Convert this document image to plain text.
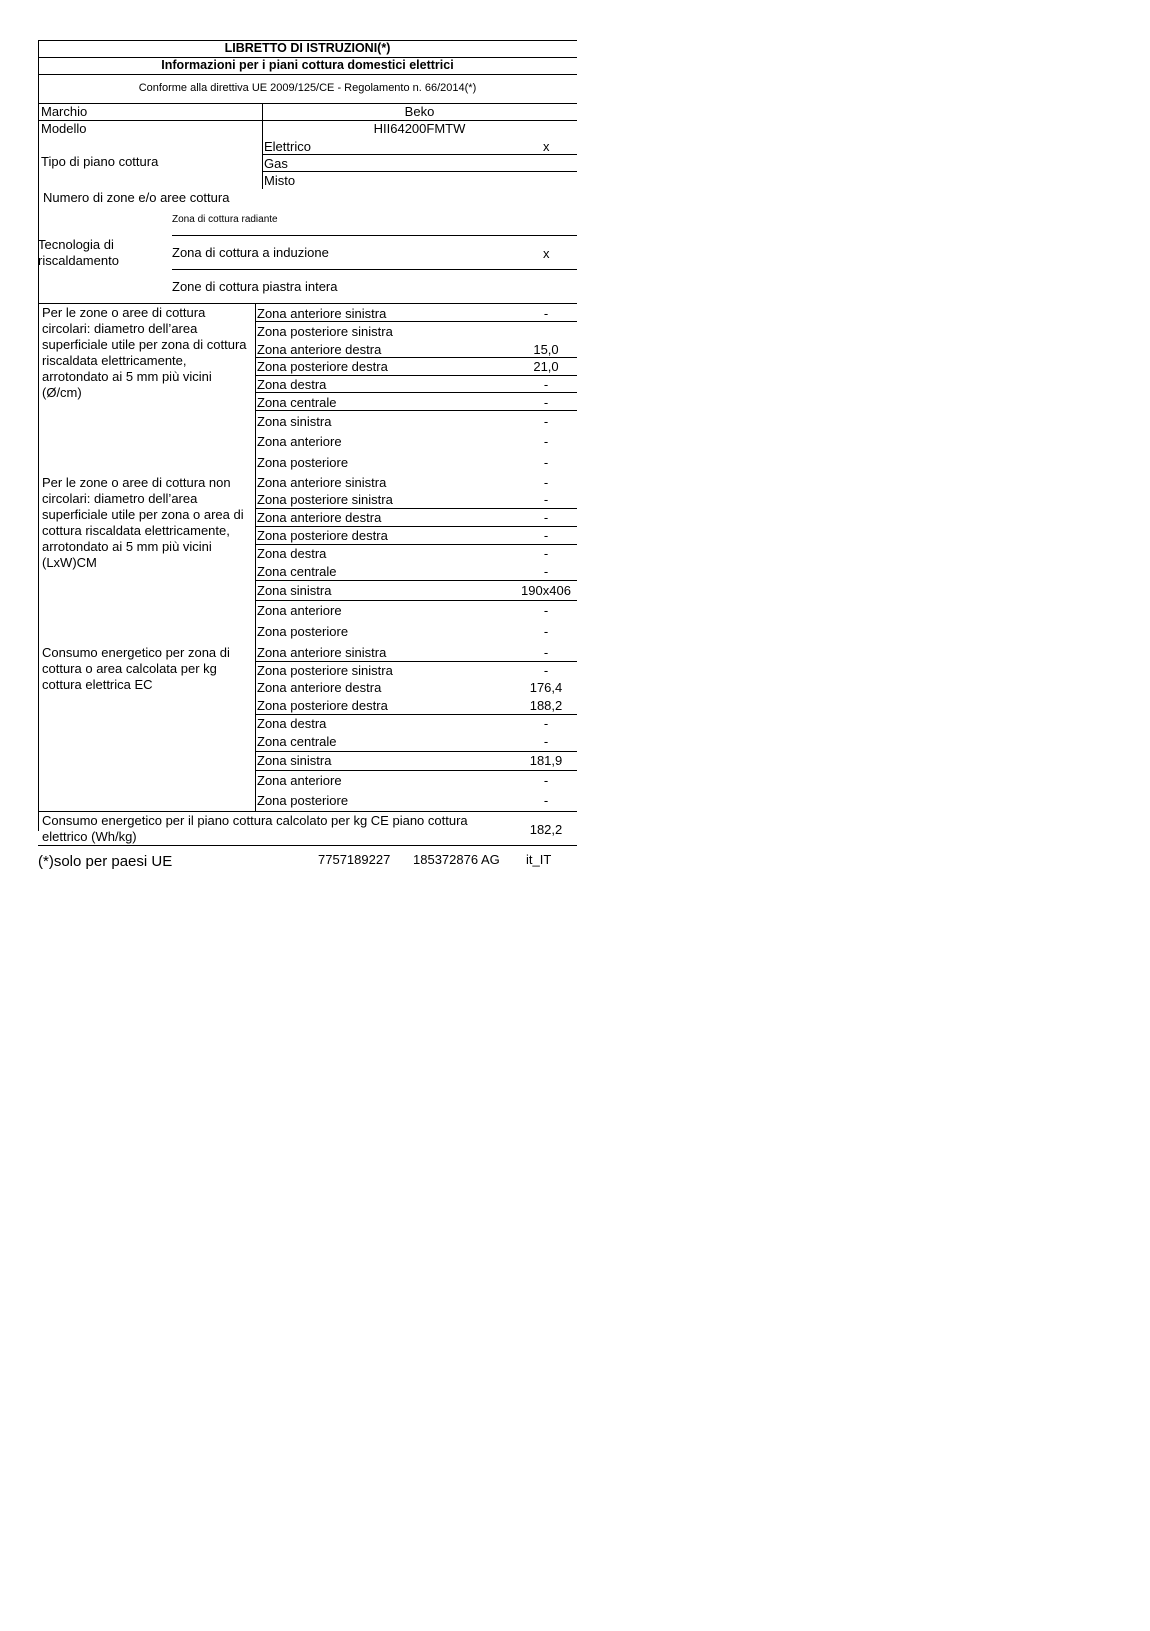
LIBRETTO DI ISTRUZIONI(*)
Informazioni per i piani cottura domestici elettrici
Conforme alla direttiva UE 2009/125/CE - Regolamento n. 66/2014(*)
Marchio	Beko
Modello	HII64200FMTW
Tipo di piano cottura
Elettrico	x
Gas
Misto
Numero di zone e/o aree cottura
Tecnologia di riscaldamento
Zona di cottura radiante
Zona di cottura a induzione	x
Zone di cottura piastra intera
Per le zone o aree di cottura circolari: diametro dell’area superficiale utile per zona di cottura riscaldata elettricamente, arrotondato ai 5 mm più vicini (Ø/cm)
Zona anteriore sinistra	-
Zona posteriore sinistra
Zona anteriore destra	15,0
Zona posteriore destra	21,0
Zona destra	-
Zona centrale	-
Zona sinistra	-
Zona anteriore	-
Zona posteriore	-
Per le zone o aree di cottura non circolari: diametro dell’area superficiale utile per zona o area di cottura riscaldata elettricamente, arrotondato ai 5 mm più vicini (LxW)CM
Zona anteriore sinistra	-
Zona posteriore sinistra	-
Zona anteriore destra	-
Zona posteriore destra	-
Zona destra	-
Zona centrale	-
Zona sinistra	190x406
Zona anteriore	-
Zona posteriore	-
Consumo energetico per zona di cottura o area calcolata per kg cottura elettrica EC
Zona anteriore sinistra	-
Zona posteriore sinistra	-
Zona anteriore destra	176,4
Zona posteriore destra	188,2
Zona destra	-
Zona centrale	-
Zona sinistra	181,9
Zona anteriore	-
Zona posteriore	-
Consumo energetico per il piano cottura calcolato per kg CE piano cottura elettrico (Wh/kg)	182,2
(*)solo per paesi UE	7757189227 185372876 AG it_IT
